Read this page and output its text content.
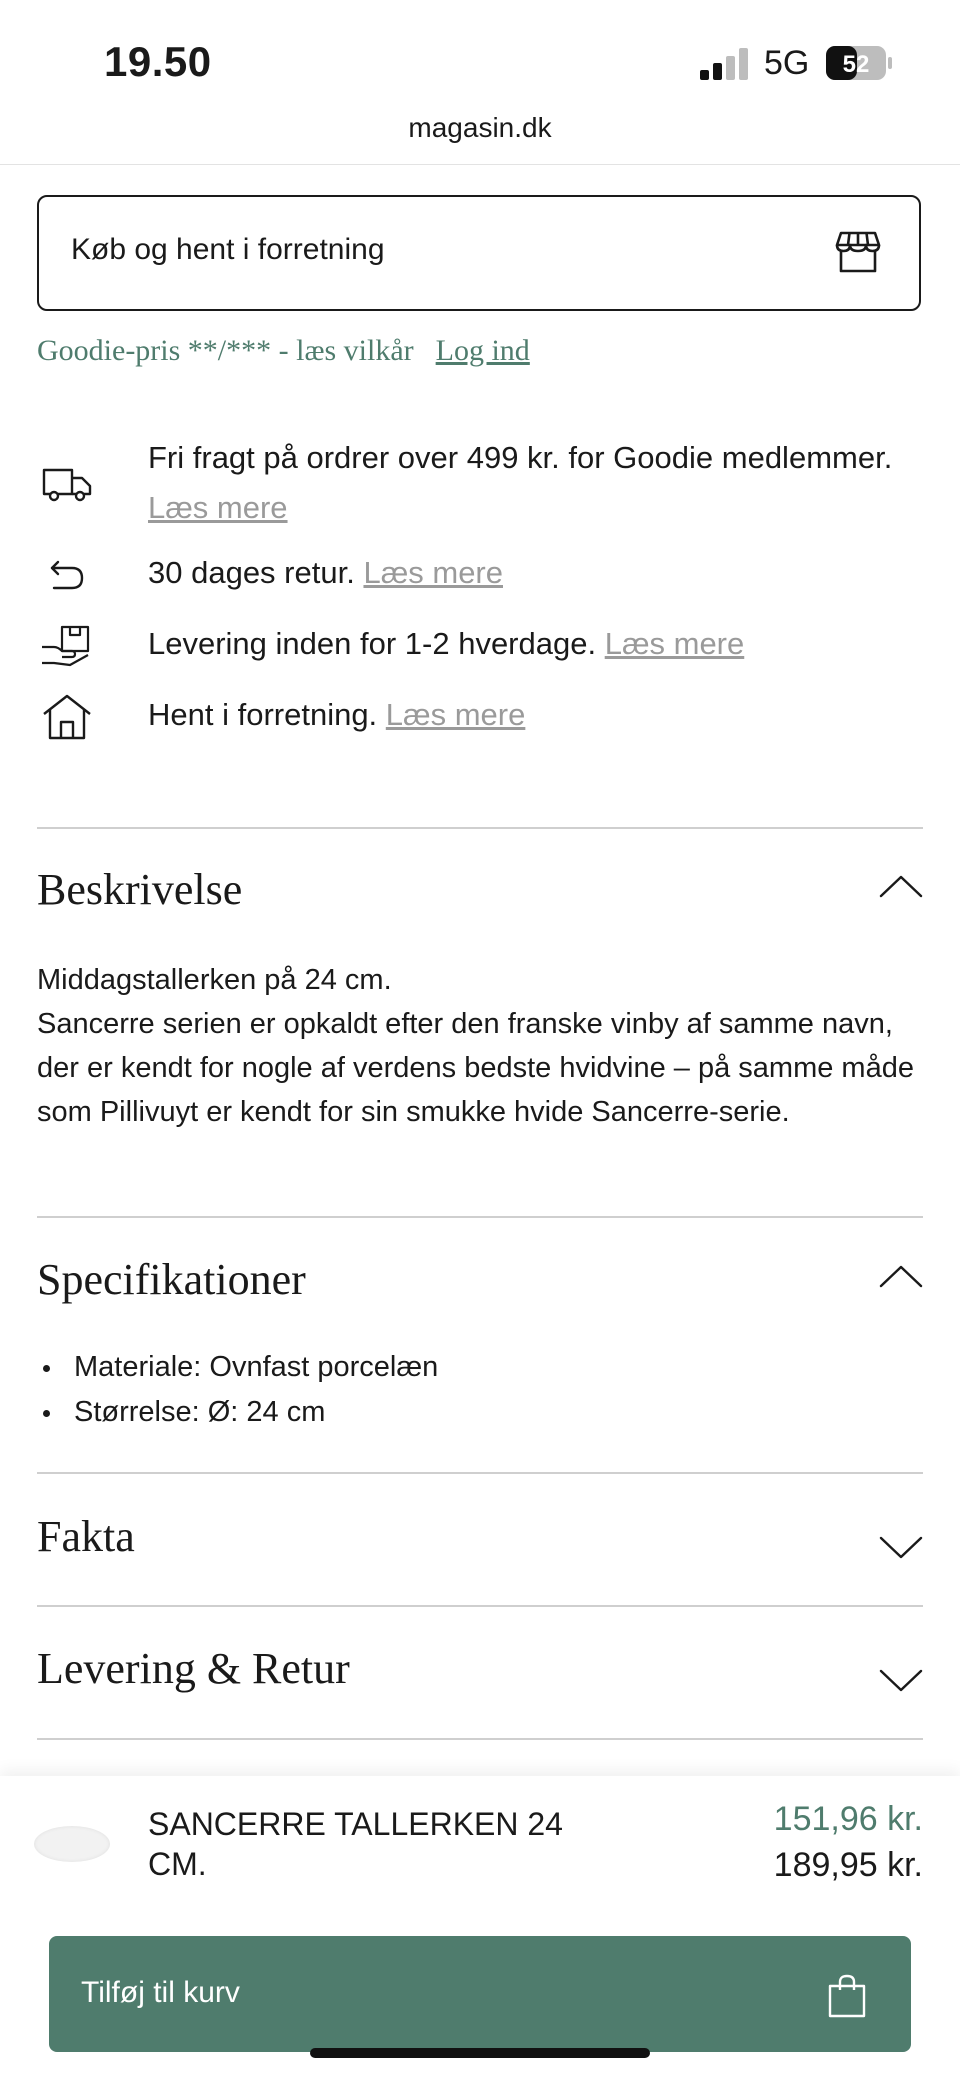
19.50	5G 52
magasin.dk
Køb og hent i forretning
Goodie-pris **/*** - læs vilkår Log ind
Fri fragt på ordrer over 499 kr. for Goodie medlemmer. Læs mere
30 dages retur. Læs mere
Levering inden for 1-2 hverdage. Læs mere
Hent i forretning. Læs mere
Beskrivelse
Middagstallerken på 24 cm.
Sancerre serien er opkaldt efter den franske vinby af samme navn, der er kendt for nogle af verdens bedste hvidvine – på samme måde som Pillivuyt er kendt for sin smukke hvide Sancerre-serie.
Specifikationer
Materiale: Ovnfast porcelæn
Størrelse: Ø: 24 cm
Fakta
Levering & Retur
SANCERRE TALLERKEN 24 CM.
151,96 kr.
189,95 kr.
Tilføj til kurv
